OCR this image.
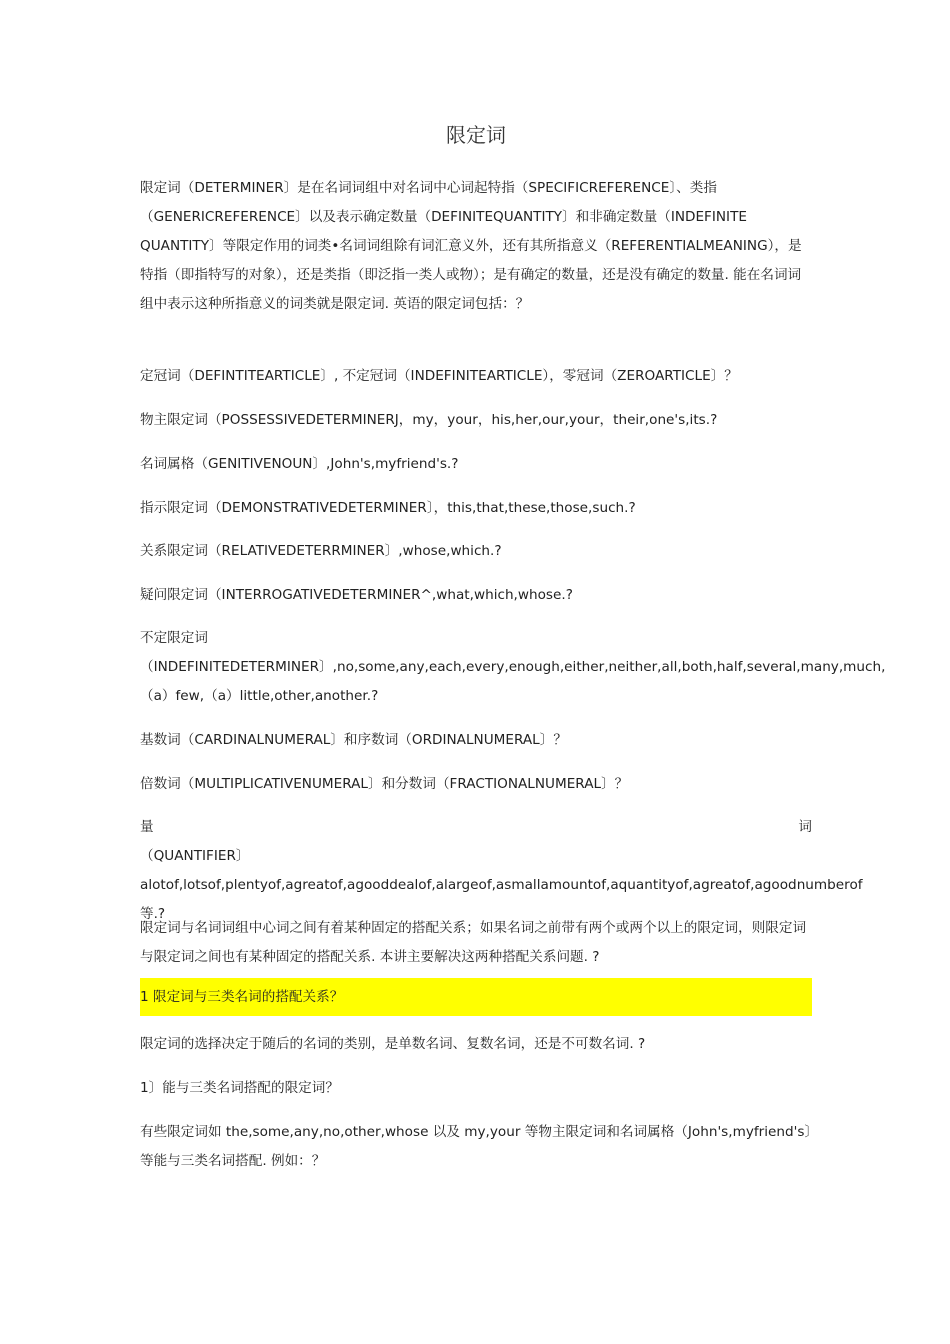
限定词

限定词（DETERMINER〕是在名词词组中对名词中心词起特指（SPECIFICREFERENCE〕、类指（GENERICREFERENCE〕以及表示确定数量（DEFINITEQUANTITY〕和非确定数量（INDEFINITE QUANTITY〕等限定作用的词类•名词词组除有词汇意义外，还有其所指意义（REFERENTIALMEANING），是特指（即指特写的对象），还是类指（即泛指一类人或物）；是有确定的数量，还是没有确定的数量. 能在名词词组中表示这种所指意义的词类就是限定词. 英语的限定词包括：？

定冠词（DEFINTITEARTICLE〕, 不定冠词（INDEFINITEARTICLE），零冠词（ZEROARTICLE〕？

物主限定词（POSSESSIVEDETERMINERJ，my，your，his,her,our,your，their,one's,its.?

名词属格（GENITIVENOUN〕,John's,myfriend's.?

指示限定词（DEMONSTRATIVEDETERMINER〕，this,that,these,those,such.?

关系限定词（RELATIVEDETERRMINER〕,whose,which.?

疑问限定词（INTERROGATIVEDETERMINER^,what,which,whose.?

不定限定词

（INDEFINITEDETERMINER〕,no,some,any,each,every,enough,either,neither,all,both,half,several,many,much,（a）few,（a）little,other,another.?

基数词（CARDINALNUMERAL〕和序数词（ORDINALNUMERAL〕？

倍数词（MULTIPLICATIVENUMERAL〕和分数词（FRACTIONALNUMERAL〕？

量	词

（QUANTIFIER〕alotof,lotsof,plentyof,agreatof,agooddealof,alargeof,asmallamountof,aquantityof,agreatof,agoodnumberof 等.?

限定词与名词词组中心词之间有着某种固定的搭配关系；如果名词之前带有两个或两个以上的限定词，则限定词与限定词之间也有某种固定的搭配关系. 本讲主要解决这两种搭配关系问题. ?

1 限定词与三类名词的搭配关系？

限定词的选择决定于随后的名词的类别，是单数名词、复数名词，还是不可数名词. ?

1〕能与三类名词搭配的限定词？

有些限定词如 the,some,any,no,other,whose 以及 my,your 等物主限定词和名词属格（John's,myfriend's〕等能与三类名词搭配. 例如：？
